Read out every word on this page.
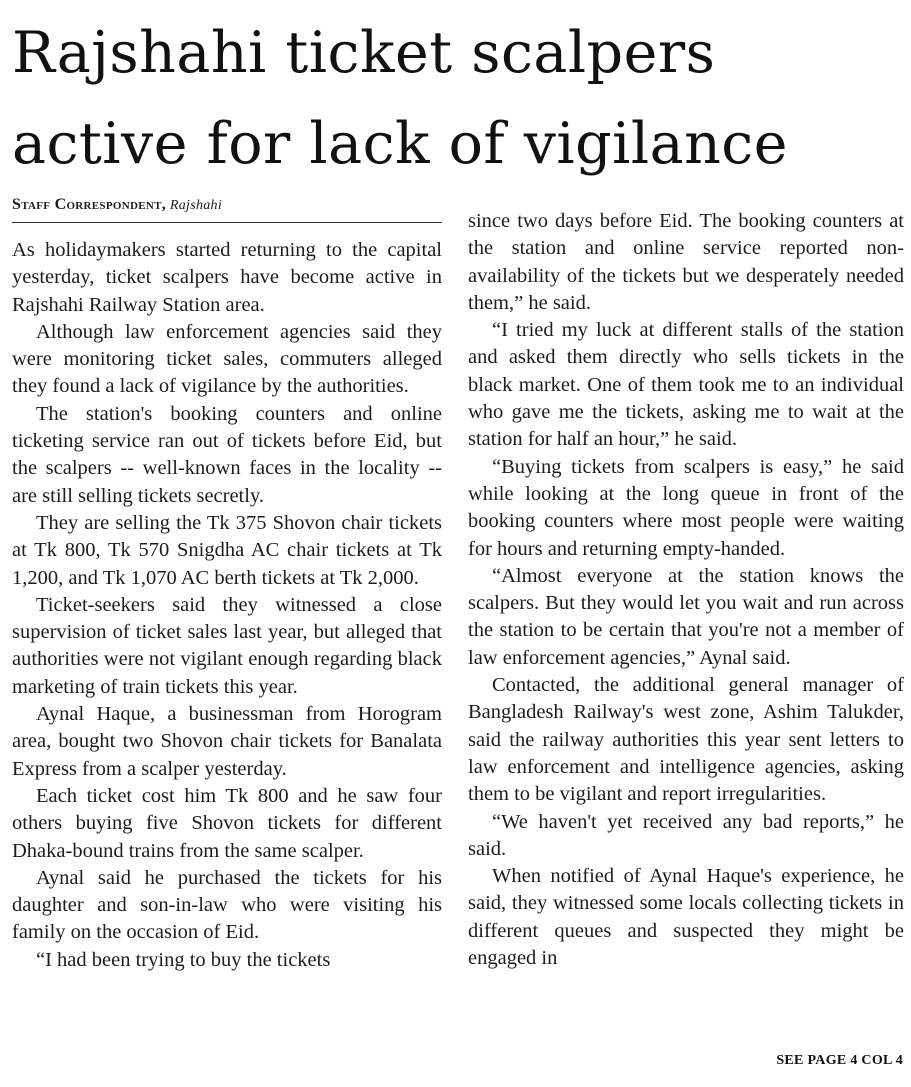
Rajshahi ticket scalpers
active for lack of vigilance
Staff Correspondent, Rajshahi

As holidaymakers started returning to the capital yesterday, ticket scalpers have become active in Rajshahi Railway Station area.

Although law enforcement agencies said they were monitoring ticket sales, commuters alleged they found a lack of vigilance by the authorities.

The station's booking counters and online ticketing service ran out of tickets before Eid, but the scalpers -- well-known faces in the locality -- are still selling tickets secretly.

They are selling the Tk 375 Shovon chair tickets at Tk 800, Tk 570 Snigdha AC chair tickets at Tk 1,200, and Tk 1,070 AC berth tickets at Tk 2,000.

Ticket-seekers said they witnessed a close supervision of ticket sales last year, but alleged that authorities were not vigilant enough regarding black marketing of train tickets this year.

Aynal Haque, a businessman from Horogram area, bought two Shovon chair tickets for Banalata Express from a scalper yesterday.

Each ticket cost him Tk 800 and he saw four others buying five Shovon tickets for different Dhaka-bound trains from the same scalper.

Aynal said he purchased the tickets for his daughter and son-in-law who were visiting his family on the occasion of Eid.

“I had been trying to buy the tickets

since two days before Eid. The booking counters at the station and online service reported non-availability of the tickets but we desperately needed them,” he said.

“I tried my luck at different stalls of the station and asked them directly who sells tickets in the black market. One of them took me to an individual who gave me the tickets, asking me to wait at the station for half an hour,” he said.

“Buying tickets from scalpers is easy,” he said while looking at the long queue in front of the booking counters where most people were waiting for hours and returning empty-handed.

“Almost everyone at the station knows the scalpers. But they would let you wait and run across the station to be certain that you're not a member of law enforcement agencies,” Aynal said.

Contacted, the additional general manager of Bangladesh Railway's west zone, Ashim Talukder, said the railway authorities this year sent letters to law enforcement and intelligence agencies, asking them to be vigilant and report irregularities.

“We haven't yet received any bad reports,” he said.

When notified of Aynal Haque's experience, he said, they witnessed some locals collecting tickets in different queues and suspected they might be engaged in

SEE PAGE 4 COL 4
